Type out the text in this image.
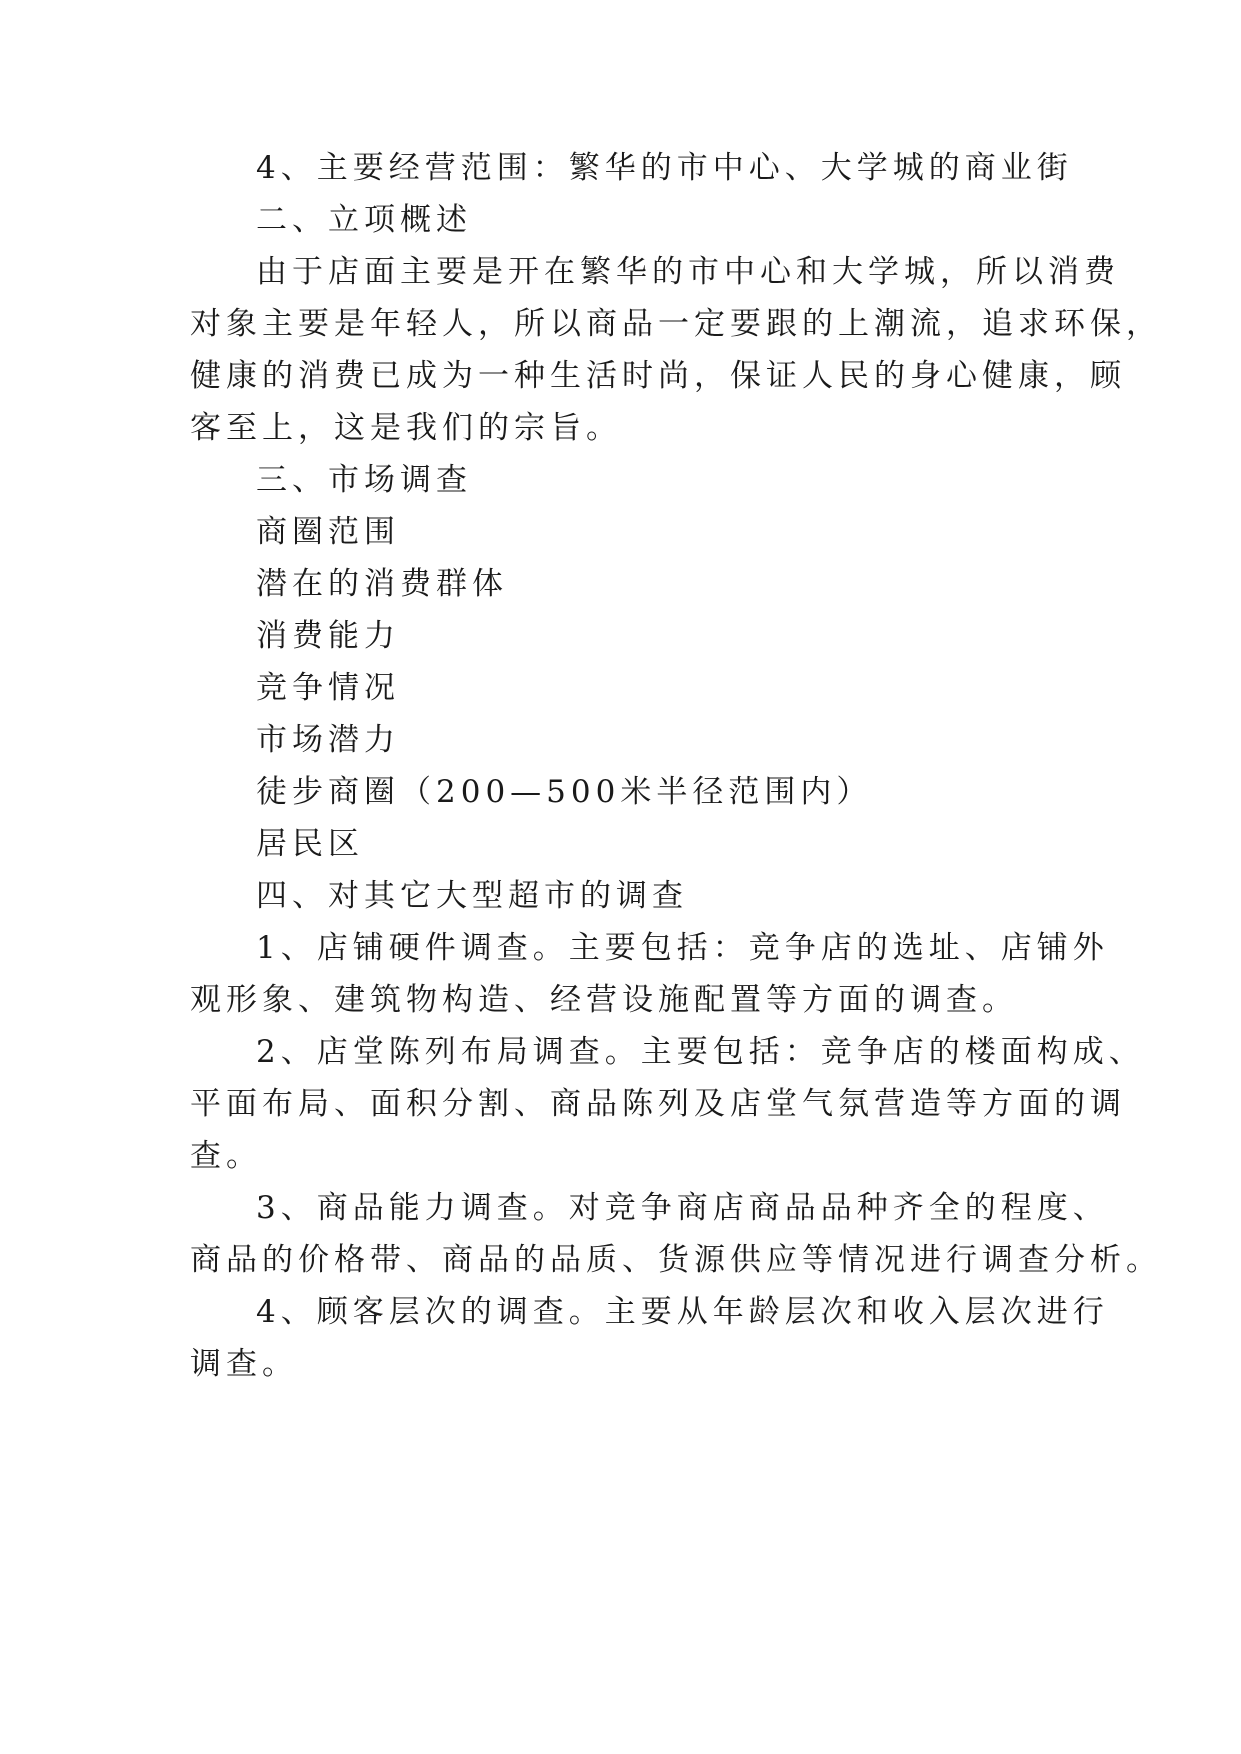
4、主要经营范围：繁华的市中心、大学城的商业街

二、立项概述

由于店面主要是开在繁华的市中心和大学城，所以消费

对象主要是年轻人，所以商品一定要跟的上潮流，追求环保，

健康的消费已成为一种生活时尚，保证人民的身心健康，顾

客至上，这是我们的宗旨。

三、市场调查

商圈范围

潜在的消费群体

消费能力

竞争情况

市场潜力

徒步商圈（200—500米半径范围内）

居民区

四、对其它大型超市的调查

1、店铺硬件调查。主要包括：竞争店的选址、店铺外

观形象、建筑物构造、经营设施配置等方面的调查。

2、店堂陈列布局调查。主要包括：竞争店的楼面构成、

平面布局、面积分割、商品陈列及店堂气氛营造等方面的调

查。

3、商品能力调查。对竞争商店商品品种齐全的程度、

商品的价格带、商品的品质、货源供应等情况进行调查分析。

4、顾客层次的调查。主要从年龄层次和收入层次进行

调查。
